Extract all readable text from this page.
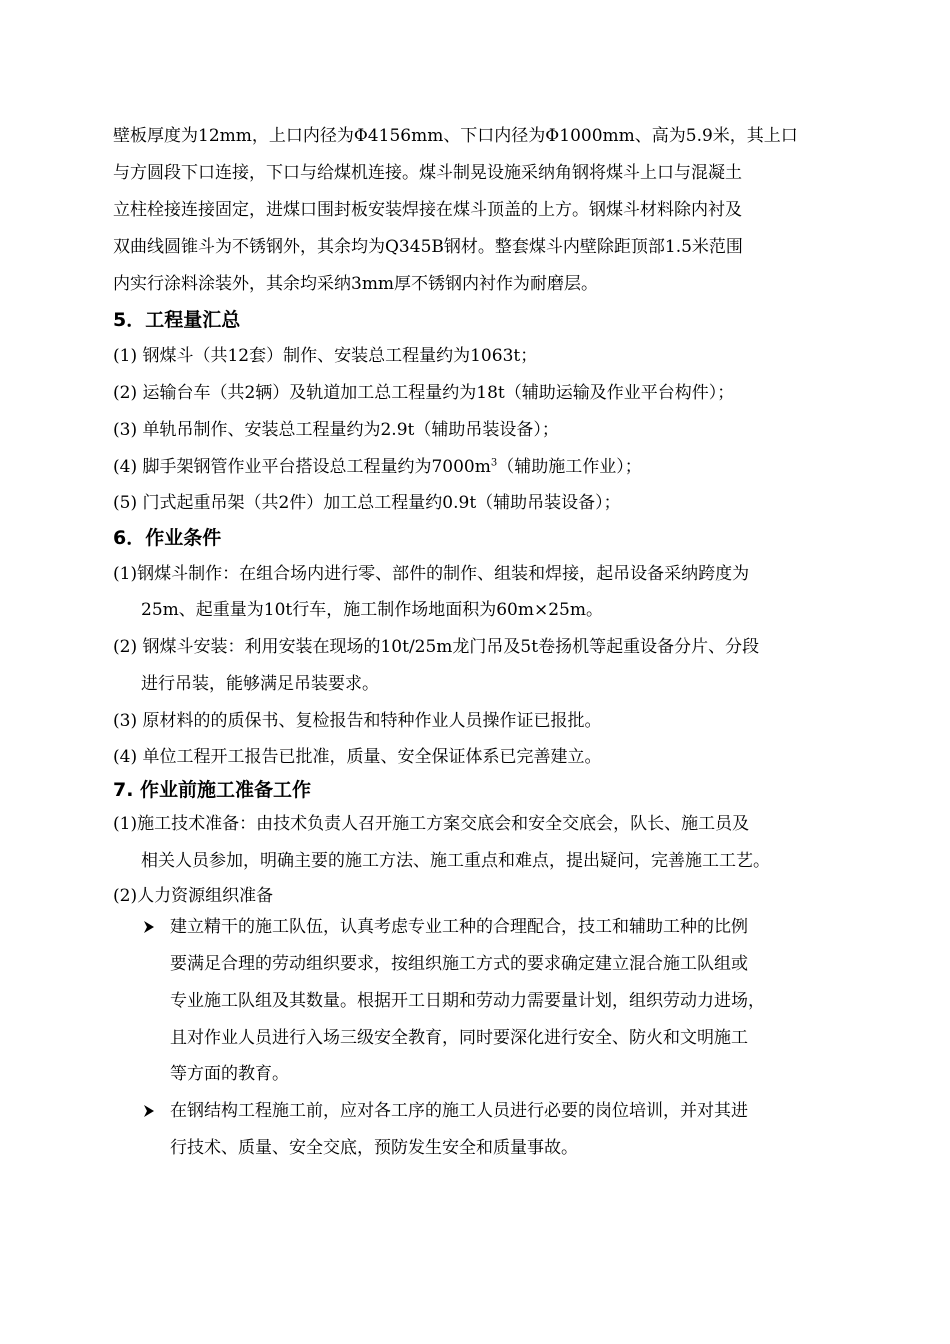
壁板厚度为12mm，上口内径为Φ4156mm、下口内径为Φ1000mm、高为5.9米，其上口
与方圆段下口连接，下口与给煤机连接。煤斗制晃设施采纳角钢将煤斗上口与混凝土
立柱栓接连接固定，进煤口围封板安装焊接在煤斗顶盖的上方。钢煤斗材料除内衬及
双曲线圆锥斗为不锈钢外，其余均为Q345B钢材。整套煤斗内壁除距顶部1.5米范围
内实行涂料涂装外，其余均采纳3mm厚不锈钢内衬作为耐磨层。
5．工程量汇总
(1) 钢煤斗（共12套）制作、安装总工程量约为1063t；
(2) 运输台车（共2辆）及轨道加工总工程量约为18t（辅助运输及作业平台构件）；
(3) 单轨吊制作、安装总工程量约为2.9t（辅助吊装设备）；
(4) 脚手架钢管作业平台搭设总工程量约为$7000m^3$（辅助施工作业）；
(5) 门式起重吊架（共2件）加工总工程量约0.9t（辅助吊装设备）；
6．作业条件
(1)钢煤斗制作：在组合场内进行零、部件的制作、组装和焊接，起吊设备采纳跨度为
25m、起重量为10t行车，施工制作场地面积为60m×25m。
(2) 钢煤斗安装：利用安装在现场的10t/25m龙门吊及5t卷扬机等起重设备分片、分段
进行吊装，能够满足吊装要求。
(3) 原材料的的质保书、复检报告和特种作业人员操作证已报批。
(4) 单位工程开工报告已批准，质量、安全保证体系已完善建立。
7. 作业前施工准备工作
(1)施工技术准备：由技术负责人召开施工方案交底会和安全交底会，队长、施工员及
相关人员参加，明确主要的施工方法、施工重点和难点，提出疑问，完善施工工艺。
(2)人力资源组织准备
建立精干的施工队伍，认真考虑专业工种的合理配合，技工和辅助工种的比例
要满足合理的劳动组织要求，按组织施工方式的要求确定建立混合施工队组或
专业施工队组及其数量。根据开工日期和劳动力需要量计划，组织劳动力进场，
且对作业人员进行入场三级安全教育，同时要深化进行安全、防火和文明施工
等方面的教育。
在钢结构工程施工前，应对各工序的施工人员进行必要的岗位培训，并对其进
行技术、质量、安全交底，预防发生安全和质量事故。
